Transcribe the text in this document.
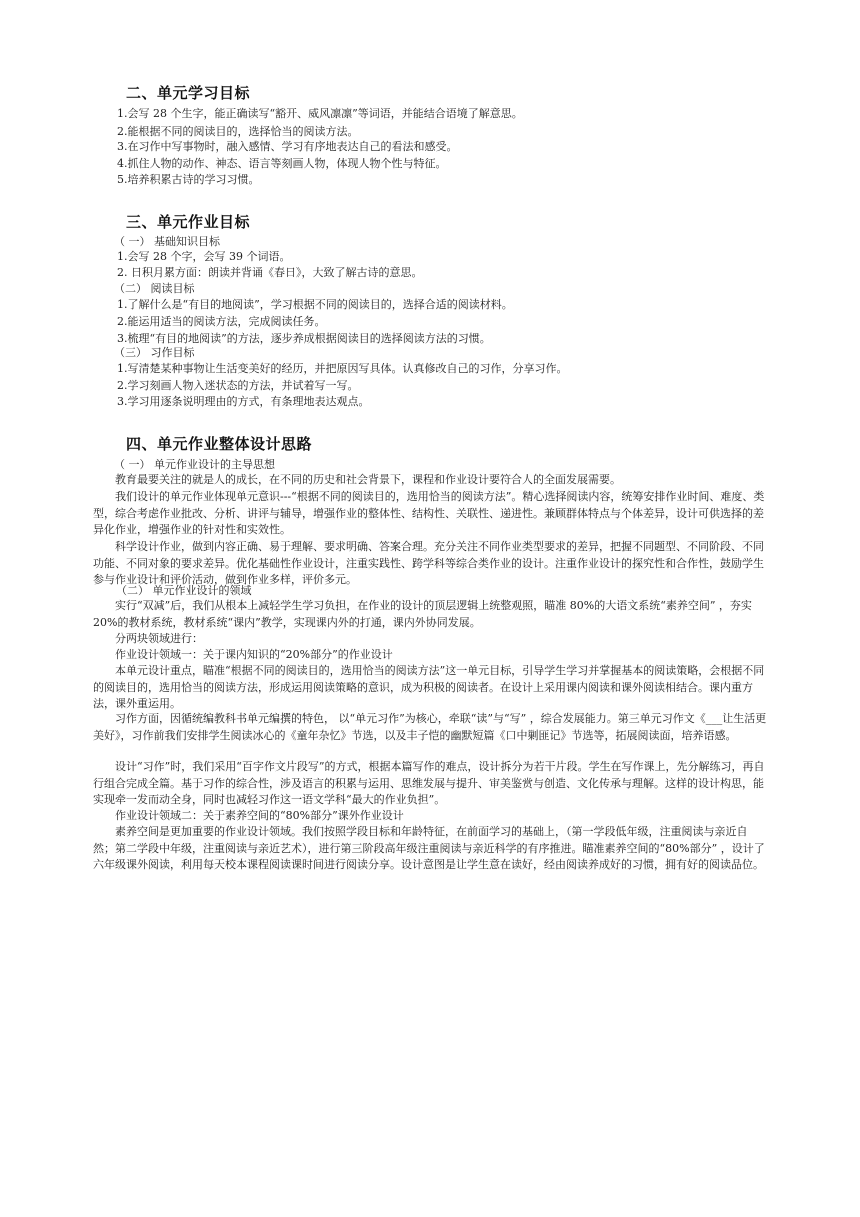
二、单元学习目标
1.会写 28 个生字，能正确读写“豁开、威风凛凛”等词语，并能结合语境了解意思。
2.能根据不同的阅读目的，选择恰当的阅读方法。
3.在习作中写事物时，融入感情、学习有序地表达自己的看法和感受。
4.抓住人物的动作、神态、语言等刻画人物，体现人物个性与特征。
5.培养积累古诗的学习习惯。
三、单元作业目标
（ 一） 基础知识目标
1.会写 28 个字，会写 39 个词语。
2. 日积月累方面：朗读并背诵《春日》，大致了解古诗的意思。
（二） 阅读目标
1.了解什么是“有目的地阅读”，学习根据不同的阅读目的，选择合适的阅读材料。
2.能运用适当的阅读方法，完成阅读任务。
3.梳理“有目的地阅读”的方法，逐步养成根据阅读目的选择阅读方法的习惯。
（三） 习作目标
1.写清楚某种事物让生活变美好的经历，并把原因写具体。认真修改自己的习作，分享习作。
2.学习刻画人物入迷状态的方法，并试着写一写。
3.学习用逐条说明理由的方式，有条理地表达观点。
四、单元作业整体设计思路
（ 一） 单元作业设计的主导思想
教育最要关注的就是人的成长，在不同的历史和社会背景下，课程和作业设计要符合人的全面发展需要。
我们设计的单元作业体现单元意识---“根据不同的阅读目的，选用恰当的阅读方法”。精心选择阅读内容，统筹安排作业时间、难度、类型，综合考虑作业批改、分析、讲评与辅导，增强作业的整体性、结构性、关联性、递进性。兼顾群体特点与个体差异，设计可供选择的差异化作业，增强作业的针对性和实效性。
科学设计作业，做到内容正确、易于理解、要求明确、答案合理。充分关注不同作业类型要求的差异，把握不同题型、不同阶段、不同功能、不同对象的要求差异。优化基础性作业设计，注重实践性、跨学科等综合类作业的设计。注重作业设计的探究性和合作性，鼓励学生参与作业设计和评价活动，做到作业多样，评价多元。
（二） 单元作业设计的领域
实行“双减”后，我们从根本上减轻学生学习负担，在作业的设计的顶层逻辑上统整观照，瞄准 80%的大语文系统“素养空间” ，夯实 20%的教材系统，教材系统“课内”教学，实现课内外的打通，课内外协同发展。
分两块领域进行：
作业设计领域一：关于课内知识的“20%部分”的作业设计
本单元设计重点，瞄准“根据不同的阅读目的，选用恰当的阅读方法”这一单元目标，引导学生学习并掌握基本的阅读策略，会根据不同的阅读目的，选用恰当的阅读方法，形成运用阅读策略的意识，成为积极的阅读者。在设计上采用课内阅读和课外阅读相结合。课内重方法，课外重运用。
习作方面，因循统编教科书单元编撰的特色， 以“单元习作”为核心，牵联“读”与“写” ，综合发展能力。第三单元习作文《___让生活更美好》，习作前我们安排学生阅读冰心的《童年杂忆》节选，以及丰子恺的幽默短篇《口中剿匪记》节选等，拓展阅读面，培养语感。
设计“习作”时，我们采用“百字作文片段写”的方式，根据本篇写作的难点，设计拆分为若干片段。学生在写作课上，先分解练习，再自行组合完成全篇。基于习作的综合性，涉及语言的积累与运用、思维发展与提升、审美鉴赏与创造、文化传承与理解。这样的设计构思，能实现牵一发而动全身，同时也减轻习作这一语文学科“最大的作业负担”。
作业设计领域二：关于素养空间的“80%部分”课外作业设计
素养空间是更加重要的作业设计领域。我们按照学段目标和年龄特征，在前面学习的基础上，（第一学段低年级，注重阅读与亲近自然；第二学段中年级，注重阅读与亲近艺术），进行第三阶段高年级注重阅读与亲近科学的有序推进。瞄准素养空间的“80%部分” ，设计了六年级课外阅读，利用每天校本课程阅读课时间进行阅读分享。设计意图是让学生意在读好，经由阅读养成好的习惯，拥有好的阅读品位。
